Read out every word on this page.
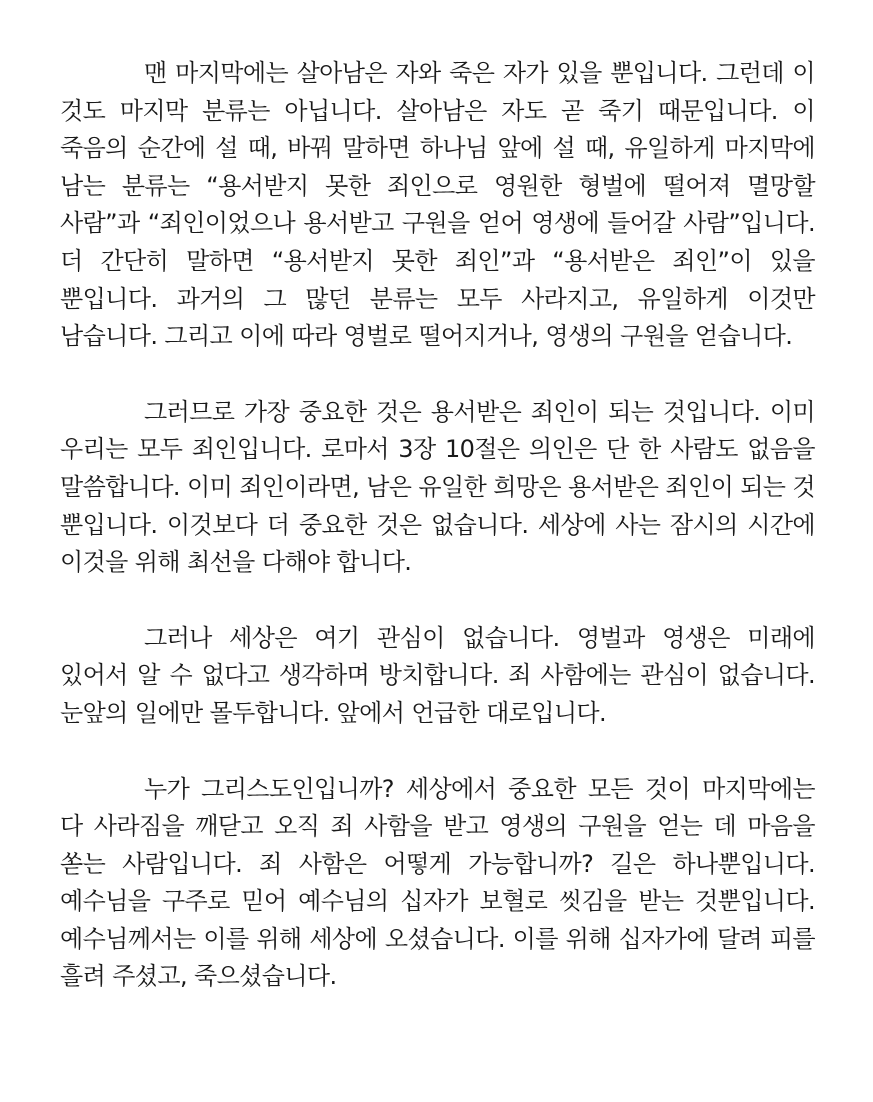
맨 마지막에는 살아남은 자와 죽은 자가 있을 뿐입니다. 그런데 이 것도 마지막 분류는 아닙니다. 살아남은 자도 곧 죽기 때문입니다. 이 죽음의 순간에 설 때, 바꿔 말하면 하나님 앞에 설 때, 유일하게 마지막에 남는 분류는 “용서받지 못한 죄인으로 영원한 형벌에 떨어져 멸망할 사람”과 “죄인이었으나 용서받고 구원을 얻어 영생에 들어갈 사람”입니다. 더 간단히 말하면 “용서받지 못한 죄인”과 “용서받은 죄인”이 있을 뿐입니다. 과거의 그 많던 분류는 모두 사라지고, 유일하게 이것만 남습니다. 그리고 이에 따라 영벌로 떨어지거나, 영생의 구원을 얻습니다.

그러므로 가장 중요한 것은 용서받은 죄인이 되는 것입니다. 이미 우리는 모두 죄인입니다. 로마서 3장 10절은 의인은 단 한 사람도 없음을 말씀합니다. 이미 죄인이라면, 남은 유일한 희망은 용서받은 죄인이 되는 것 뿐입니다. 이것보다 더 중요한 것은 없습니다. 세상에 사는 잠시의 시간에 이것을 위해 최선을 다해야 합니다.

그러나 세상은 여기 관심이 없습니다. 영벌과 영생은 미래에 있어서 알 수 없다고 생각하며 방치합니다. 죄 사함에는 관심이 없습니다. 눈앞의 일에만 몰두합니다. 앞에서 언급한 대로입니다.

누가 그리스도인입니까? 세상에서 중요한 모든 것이 마지막에는 다 사라짐을 깨닫고 오직 죄 사함을 받고 영생의 구원을 얻는 데 마음을 쏟는 사람입니다. 죄 사함은 어떻게 가능합니까? 길은 하나뿐입니다. 예수님을 구주로 믿어 예수님의 십자가 보혈로 씻김을 받는 것뿐입니다. 예수님께서는 이를 위해 세상에 오셨습니다. 이를 위해 십자가에 달려 피를 흘려 주셨고, 죽으셨습니다.
